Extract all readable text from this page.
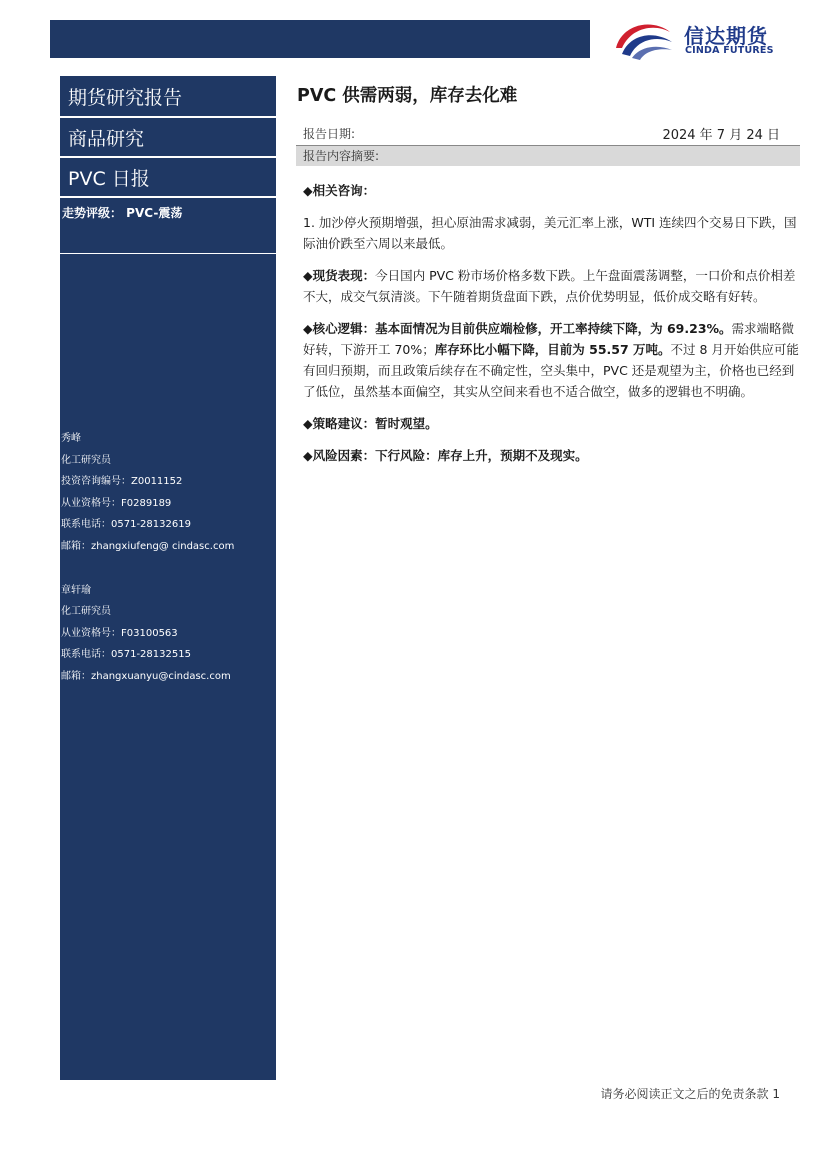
信达期货
CINDA FUTURES
期货研究报告
商品研究
PVC 日报
走势评级： PVC-震荡
秀峰
化工研究员
投资咨询编号：Z0011152
从业资格号：F0289189
联系电话：0571-28132619
邮箱：zhangxiufeng@ cindasc.com
章轩瑜
化工研究员
从业资格号：F03100563
联系电话：0571-28132515
邮箱：zhangxuanyu@cindasc.com
PVC 供需两弱，库存去化难
报告日期:	2024 年 7 月 24 日
报告内容摘要:
◆相关咨询：
1. 加沙停火预期增强，担心原油需求减弱，美元汇率上涨，WTI 连续四个交易日下跌，国际油价跌至六周以来最低。
◆现货表现：今日国内 PVC 粉市场价格多数下跌。上午盘面震荡调整，一口价和点价相差不大，成交气氛清淡。下午随着期货盘面下跌，点价优势明显，低价成交略有好转。
◆核心逻辑：基本面情况为目前供应端检修，开工率持续下降，为 69.23%。需求端略微好转，下游开工 70%；库存环比小幅下降，目前为 55.57 万吨。不过 8 月开始供应可能有回归预期，而且政策后续存在不确定性，空头集中，PVC 还是观望为主，价格也已经到了低位，虽然基本面偏空，其实从空间来看也不适合做空，做多的逻辑也不明确。
◆策略建议：暂时观望。
◆风险因素：下行风险：库存上升，预期不及现实。
请务必阅读正文之后的免责条款 1
